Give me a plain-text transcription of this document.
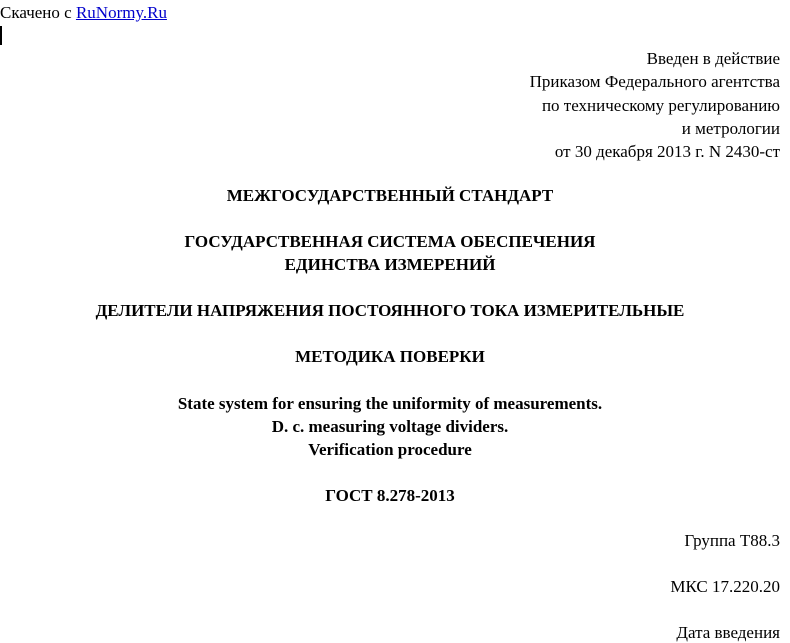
Скачено с RuNormy.Ru
Введен в действие
Приказом Федерального агентства
по техническому регулированию
и метрологии
от 30 декабря 2013 г. N 2430-ст
МЕЖГОСУДАРСТВЕННЫЙ СТАНДАРТ
ГОСУДАРСТВЕННАЯ СИСТЕМА ОБЕСПЕЧЕНИЯ
ЕДИНСТВА ИЗМЕРЕНИЙ
ДЕЛИТЕЛИ НАПРЯЖЕНИЯ ПОСТОЯННОГО ТОКА ИЗМЕРИТЕЛЬНЫЕ
МЕТОДИКА ПОВЕРКИ
State system for ensuring the uniformity of measurements.
D. c. measuring voltage dividers.
Verification procedure
ГОСТ 8.278-2013
Группа Т88.3
МКС 17.220.20
Дата введения
